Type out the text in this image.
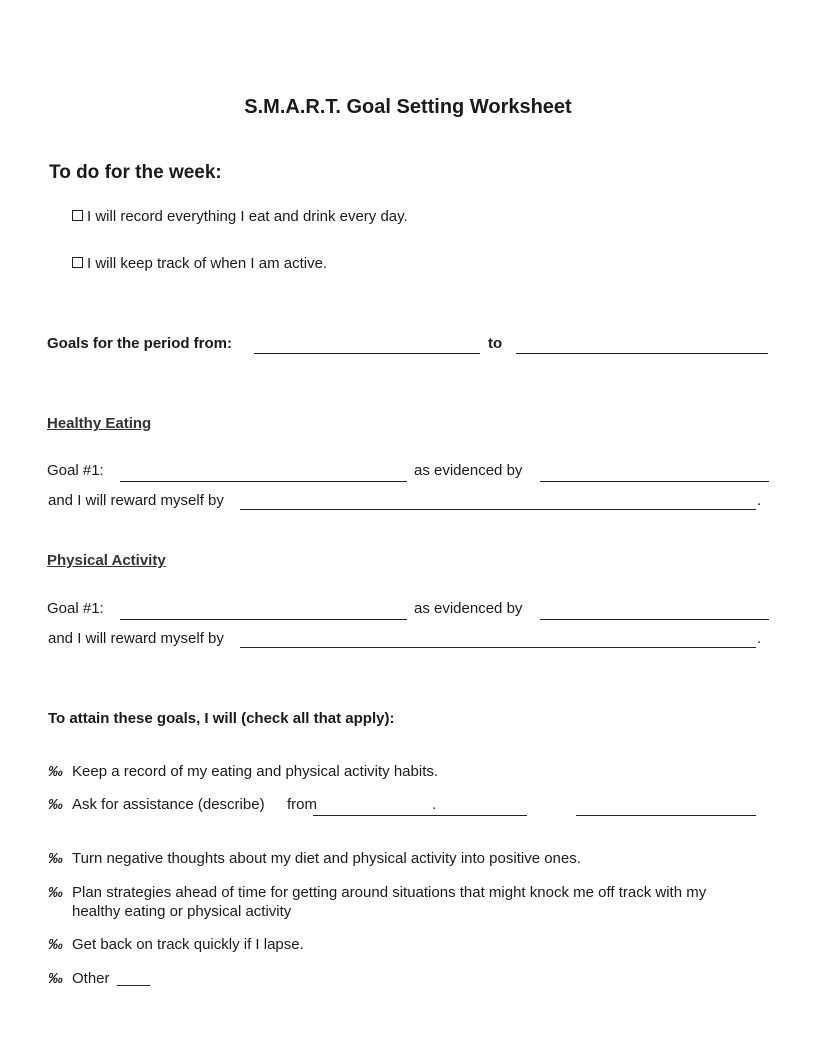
S.M.A.R.T. Goal Setting Worksheet
To do for the week:
I will record everything I eat and drink every day.
I will keep track of when I am active.
Goals for the period from:	to
Healthy Eating
Goal #1:	as evidenced by
and I will reward myself by	.
Physical Activity
Goal #1:	as evidenced by
and I will reward myself by	.
To attain these goals, I will (check all that apply):
‰ Keep a record of my eating and physical activity habits.
‰ Ask for assistance (describe) from	.
‰ Turn negative thoughts about my diet and physical activity into positive ones.
‰ Plan strategies ahead of time for getting around situations that might knock me off track with my
healthy eating or physical activity
‰ Get back on track quickly if I lapse.
‰ Other ____
